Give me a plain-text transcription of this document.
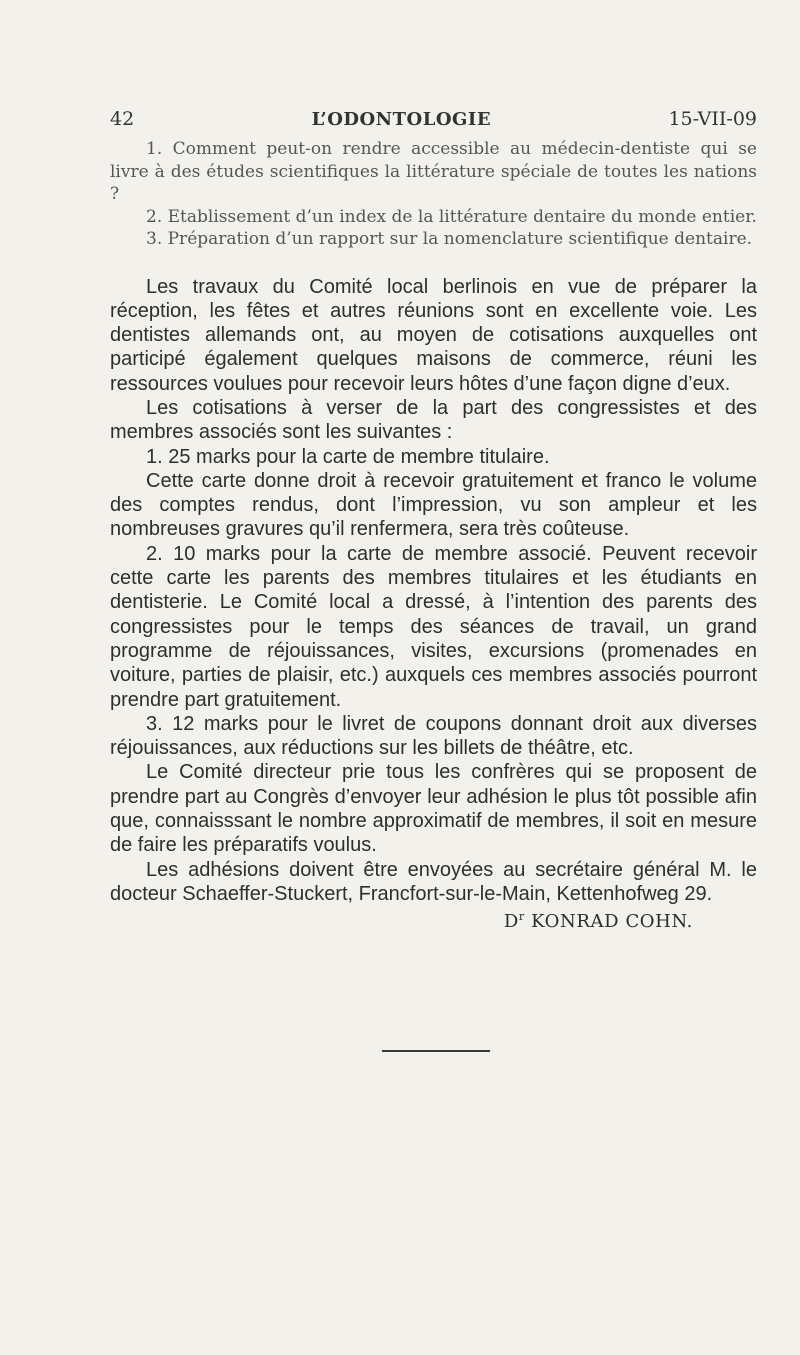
42	L’ODONTOLOGIE	15-VII-09

1. Comment peut-on rendre accessible au médecin-dentiste qui se livre à des études scientifiques la littérature spéciale de toutes les nations ?

2. Etablissement d’un index de la littérature dentaire du monde entier.

3. Préparation d’un rapport sur la nomenclature scientifique dentaire.

Les travaux du Comité local berlinois en vue de préparer la réception, les fêtes et autres réunions sont en excellente voie. Les dentistes allemands ont, au moyen de cotisations auxquelles ont participé également quelques maisons de commerce, réuni les ressources voulues pour recevoir leurs hôtes d’une façon digne d’eux.

Les cotisations à verser de la part des congressistes et des membres associés sont les suivantes :

1. 25 marks pour la carte de membre titulaire.

Cette carte donne droit à recevoir gratuitement et franco le volume des comptes rendus, dont l’impression, vu son ampleur et les nombreuses gravures qu’il renfermera, sera très coûteuse.

2. 10 marks pour la carte de membre associé. Peuvent recevoir cette carte les parents des membres titulaires et les étudiants en dentisterie. Le Comité local a dressé, à l’intention des parents des congressistes pour le temps des séances de travail, un grand programme de réjouissances, visites, excursions (promenades en voiture, parties de plaisir, etc.) auxquels ces membres associés pourront prendre part gratuitement.

3. 12 marks pour le livret de coupons donnant droit aux diverses réjouissances, aux réductions sur les billets de théâtre, etc.

Le Comité directeur prie tous les confrères qui se proposent de prendre part au Congrès d’envoyer leur adhésion le plus tôt possible afin que, connaisssant le nombre approximatif de membres, il soit en mesure de faire les préparatifs voulus.

Les adhésions doivent être envoyées au secrétaire général M. le docteur Schaeffer-Stuckert, Francfort-sur-le-Main, Kettenhofweg 29.

$D^r$ KONRAD COHN.
